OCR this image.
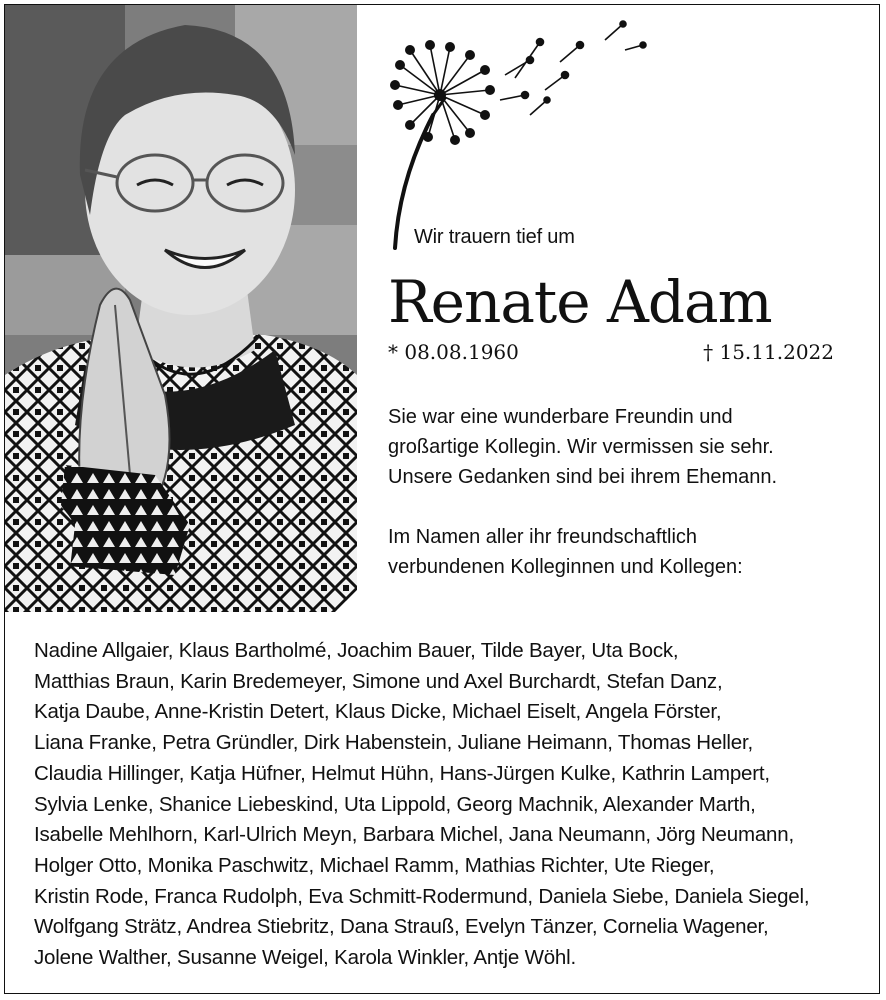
Wir trauern tief um
Renate Adam
* 08.08.1960	† 15.11.2022

Sie war eine wunderbare Freundin und

großartige Kollegin. Wir vermissen sie sehr.

Unsere Gedanken sind bei ihrem Ehemann.

Im Namen aller ihr freundschaftlich

verbundenen Kolleginnen und Kollegen:

Nadine Allgaier, Klaus Bartholmé, Joachim Bauer, Tilde Bayer, Uta Bock,
Matthias Braun, Karin Bredemeyer, Simone und Axel Burchardt, Stefan Danz,
Katja Daube, Anne-Kristin Detert, Klaus Dicke, Michael Eiselt, Angela Förster,
Liana Franke, Petra Gründler, Dirk Habenstein, Juliane Heimann, Thomas Heller,
Claudia Hillinger, Katja Hüfner, Helmut Hühn, Hans-Jürgen Kulke, Kathrin Lampert,
Sylvia Lenke, Shanice Liebeskind, Uta Lippold, Georg Machnik, Alexander Marth,
Isabelle Mehlhorn, Karl-Ulrich Meyn, Barbara Michel, Jana Neumann, Jörg Neumann,
Holger Otto, Monika Paschwitz, Michael Ramm, Mathias Richter, Ute Rieger,
Kristin Rode, Franca Rudolph, Eva Schmitt-Rodermund, Daniela Siebe, Daniela Siegel,
Wolfgang Strätz, Andrea Stiebritz, Dana Strauß, Evelyn Tänzer, Cornelia Wagener,
Jolene Walther, Susanne Weigel, Karola Winkler, Antje Wöhl.
